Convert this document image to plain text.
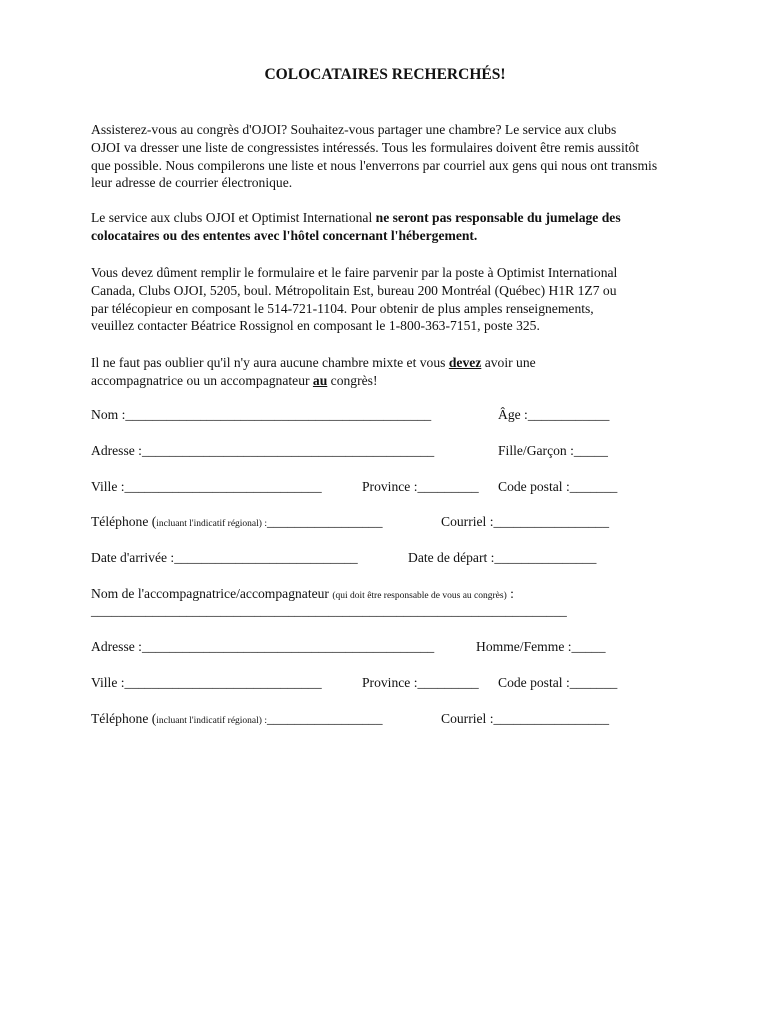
COLOCATAIRES RECHERCHÉS!
Assisterez-vous au congrès d'OJOI? Souhaitez-vous partager une chambre? Le service aux clubs
OJOI va dresser une liste de congressistes intéressés. Tous les formulaires doivent être remis aussitôt
que possible. Nous compilerons une liste et nous l'enverrons par courriel aux gens qui nous ont transmis
leur adresse de courrier électronique.
Le service aux clubs OJOI et Optimist International ne seront pas responsable du jumelage des
colocataires ou des ententes avec l'hôtel concernant l'hébergement.
Vous devez dûment remplir le formulaire et le faire parvenir par la poste à Optimist International
Canada, Clubs OJOI, 5205, boul. Métropolitain Est, bureau 200 Montréal (Québec) H1R 1Z7 ou
par télécopieur en composant le 514-721-1104. Pour obtenir de plus amples renseignements,
veuillez contacter Béatrice Rossignol en composant le 1-800-363-7151, poste 325.
Il ne faut pas oublier qu'il n'y aura aucune chambre mixte et vous devez avoir une
accompagnatrice ou un accompagnateur au congrès!
Nom :_____________________________________________	Âge :____________
Adresse :___________________________________________	Fille/Garçon :_____
Ville :_____________________________	Province :_________ Code postal :_______
Téléphone (incluant l'indicatif régional) :_________________	Courriel :_________________
Date d'arrivée :___________________________	Date de départ :_______________
Nom de l'accompagnatrice/accompagnateur (qui doit être responsable de vous au congrès) :
______________________________________________________________________
Adresse :___________________________________________	Homme/Femme :_____
Ville :_____________________________	Province :_________ Code postal :_______
Téléphone (incluant l'indicatif régional) :_________________	Courriel :_________________
